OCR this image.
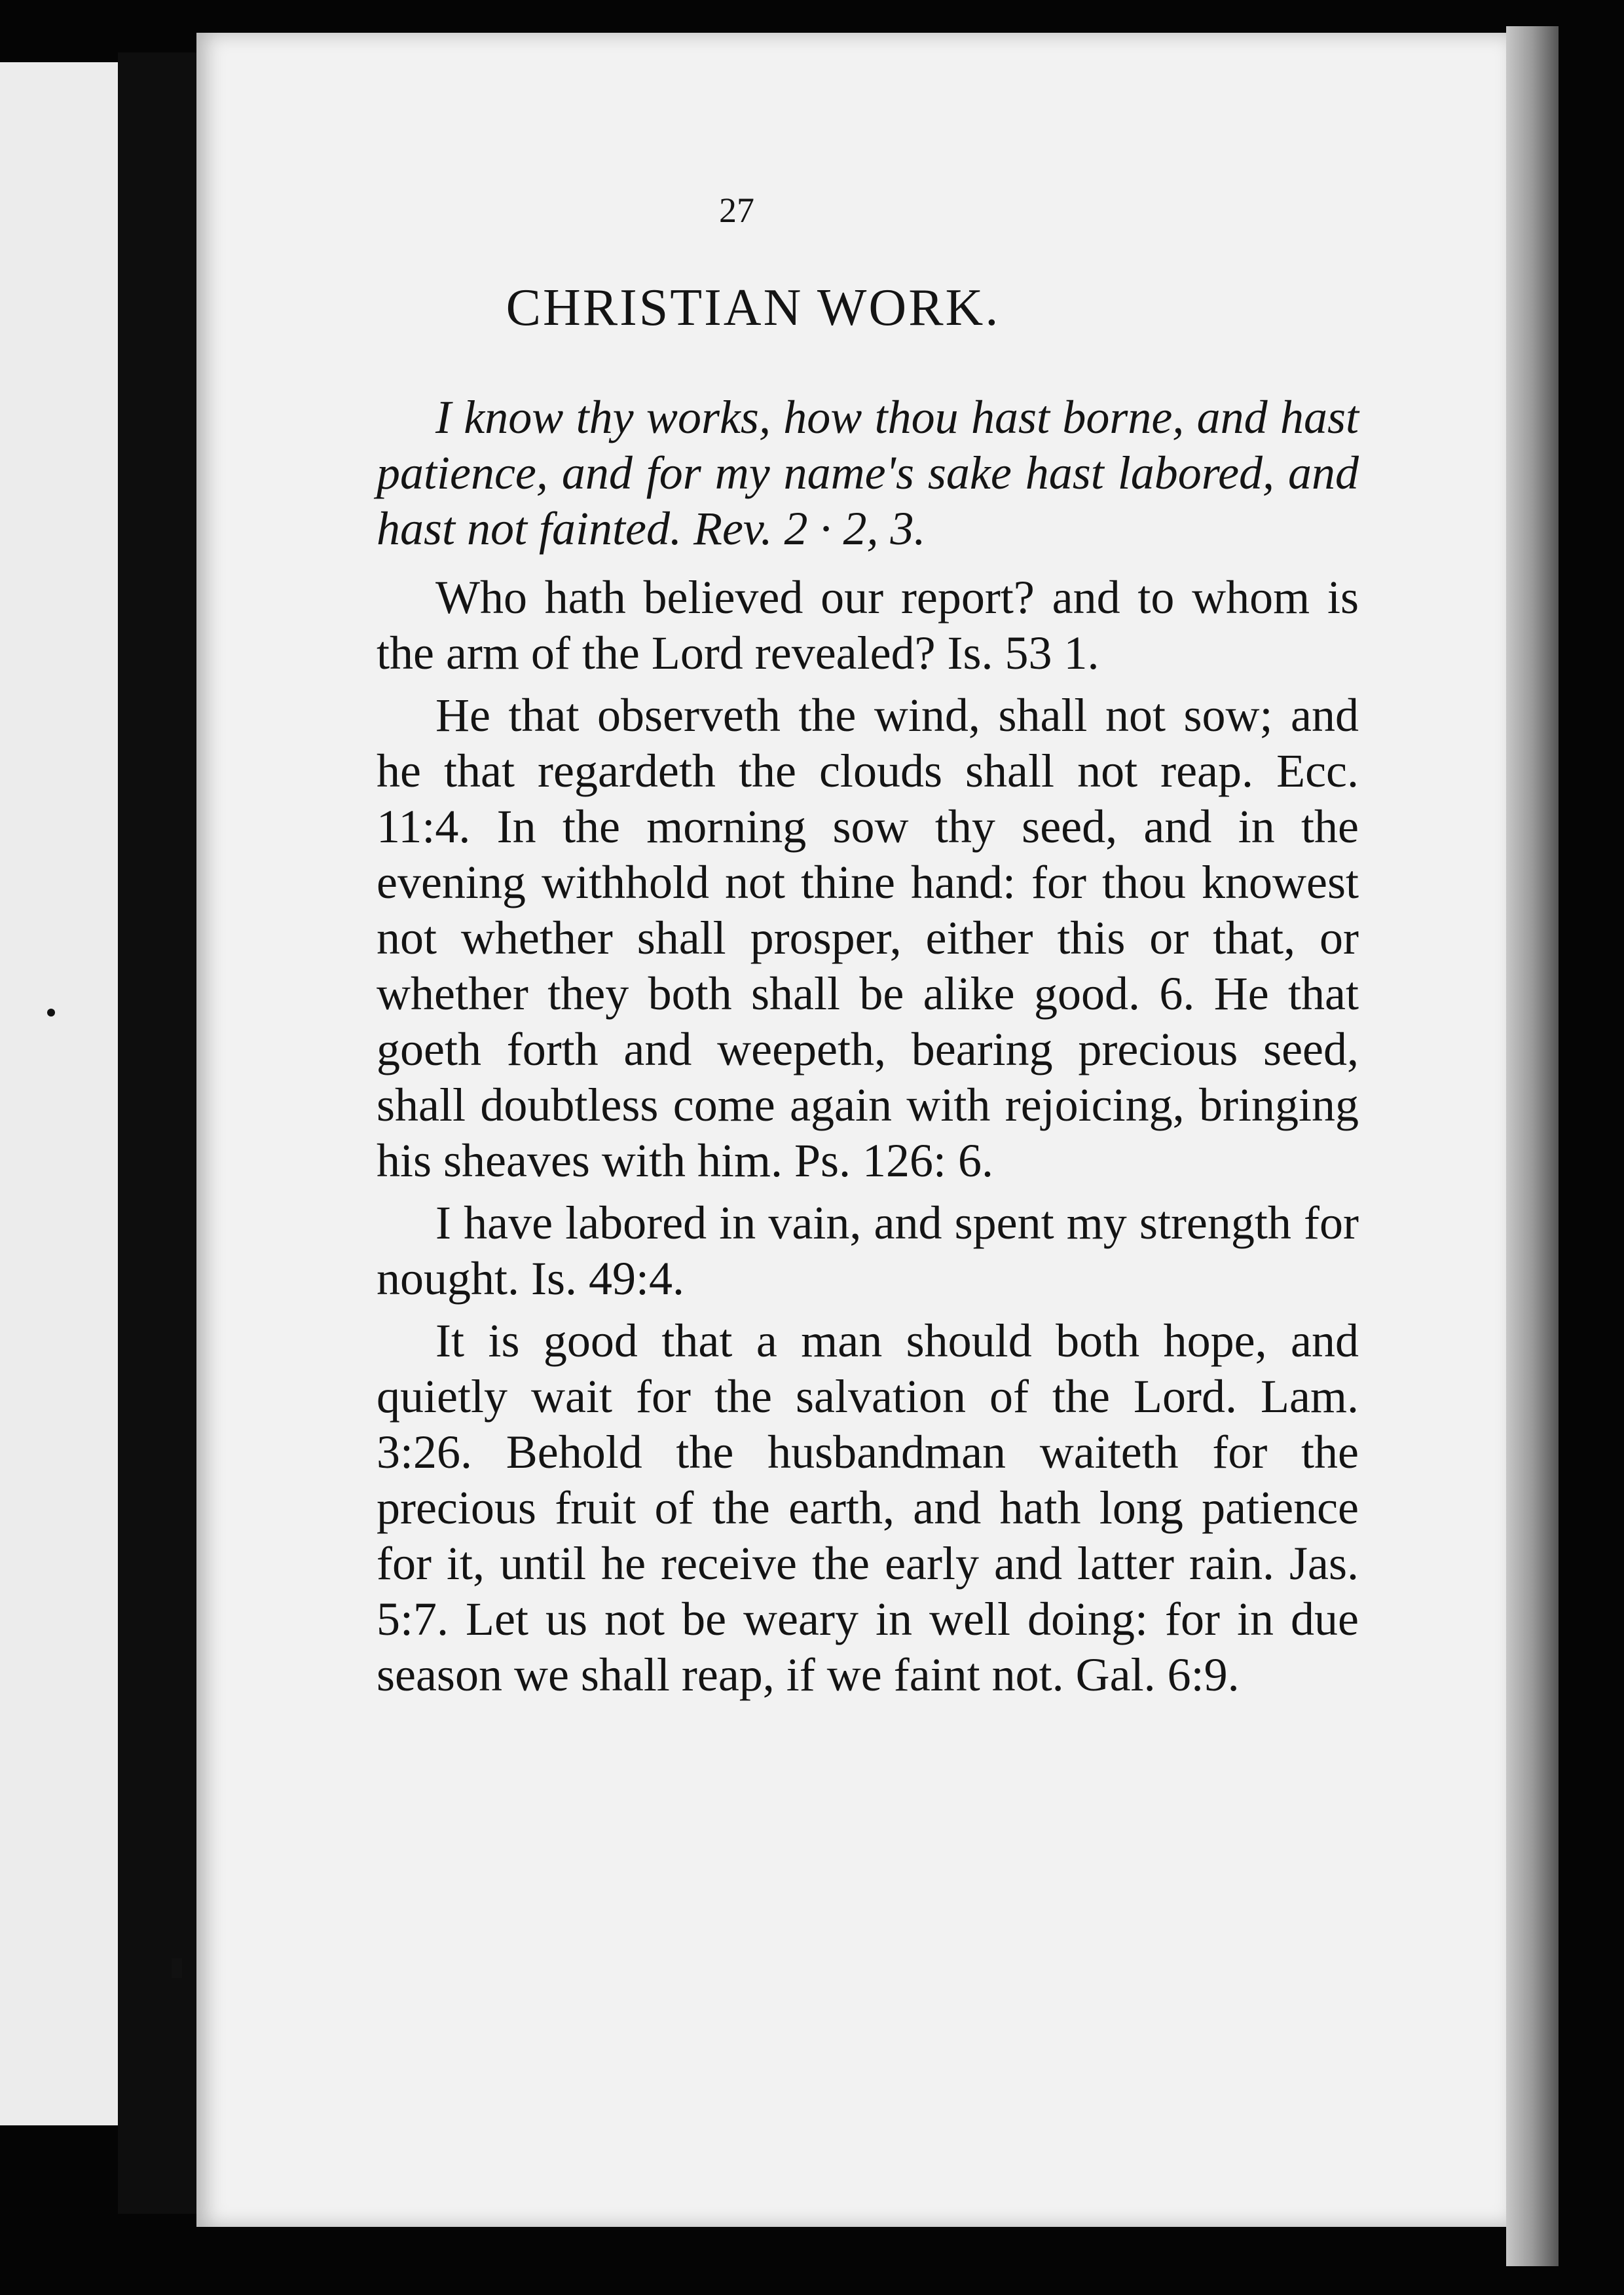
27
CHRISTIAN WORK.

I know thy works, how thou hast borne, and hast patience, and for my name's sake hast labored, and hast not fainted. Rev. 2 · 2, 3.

Who hath believed our report? and to whom is the arm of the Lord revealed? Is. 53 1.

He that observeth the wind, shall not sow; and he that regardeth the clouds shall not reap. Ecc. 11:4. In the morning sow thy seed, and in the evening withhold not thine hand: for thou knowest not whether shall prosper, either this or that, or whether they both shall be alike good. 6. He that goeth forth and weepeth, bearing precious seed, shall doubtless come again with rejoicing, bringing his sheaves with him. Ps. 126: 6.

I have labored in vain, and spent my strength for nought. Is. 49:4.

It is good that a man should both hope, and quietly wait for the salvation of the Lord. Lam. 3:26. Behold the husbandman waiteth for the precious fruit of the earth, and hath long patience for it, until he receive the early and latter rain. Jas. 5:7. Let us not be weary in well doing: for in due season we shall reap, if we faint not. Gal. 6:9.
